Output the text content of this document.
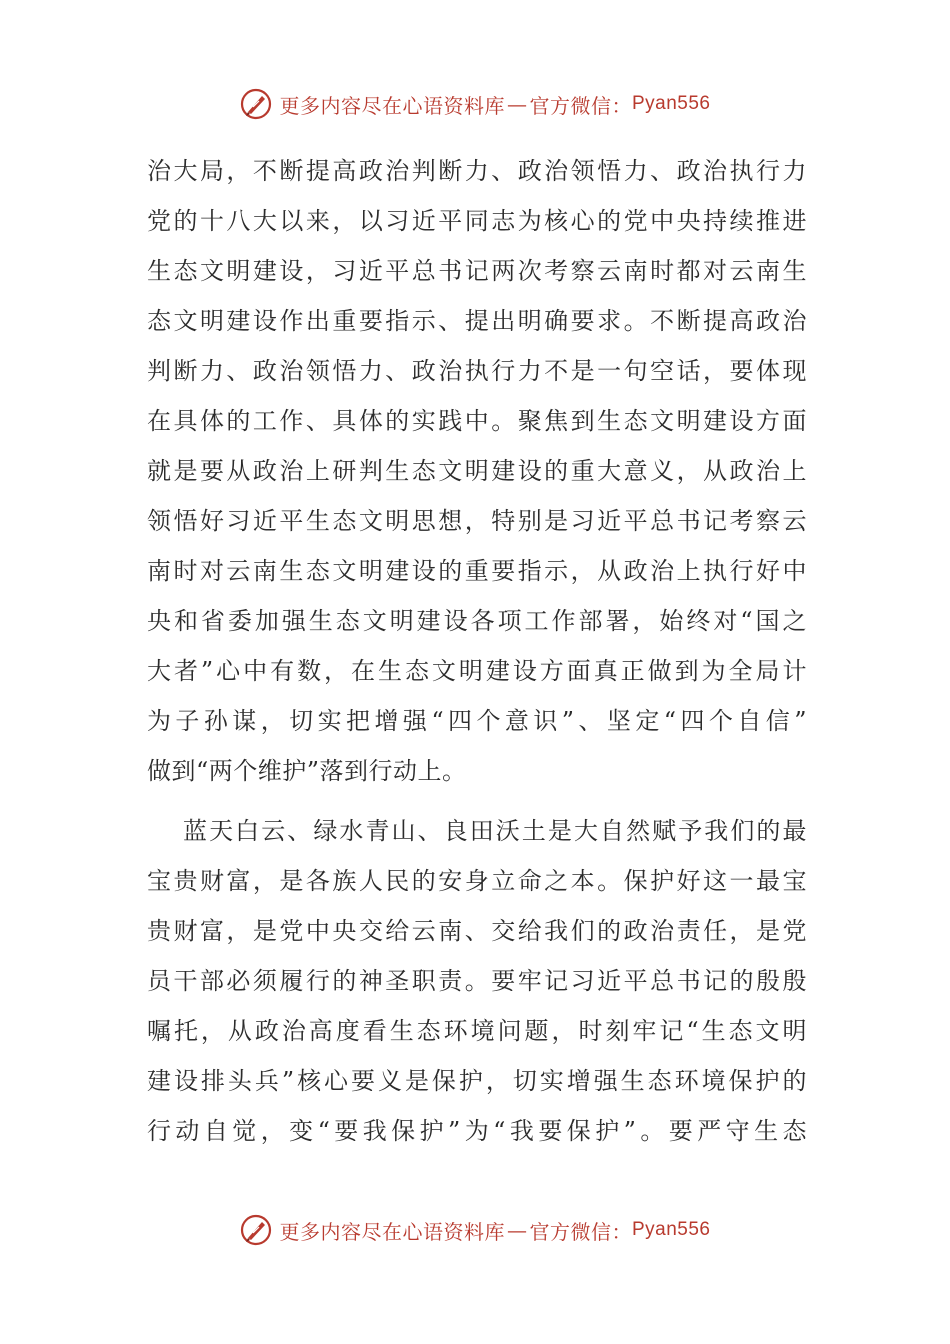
更多内容尽在心语资料库 — 官方微信： Pyan556
治大局，不断提高政治判断力、政治领悟力、政治执行力
党的十八大以来，以习近平同志为核心的党中央持续推进
生态文明建设，习近平总书记两次考察云南时都对云南生
态文明建设作出重要指示、提出明确要求。不断提高政治
判断力、政治领悟力、政治执行力不是一句空话，要体现
在具体的工作、具体的实践中。聚焦到生态文明建设方面
就是要从政治上研判生态文明建设的重大意义，从政治上
领悟好习近平生态文明思想，特别是习近平总书记考察云
南时对云南生态文明建设的重要指示，从政治上执行好中
央和省委加强生态文明建设各项工作部署，始终对“国之
大者”心中有数，在生态文明建设方面真正做到为全局计
为子孙谋，切实把增强“四个意识”、坚定“四个自信”
做到“两个维护”落到行动上。
蓝天白云、绿水青山、良田沃土是大自然赋予我们的最
宝贵财富，是各族人民的安身立命之本。保护好这一最宝
贵财富，是党中央交给云南、交给我们的政治责任，是党
员干部必须履行的神圣职责。要牢记习近平总书记的殷殷
嘱托，从政治高度看生态环境问题，时刻牢记“生态文明
建设排头兵”核心要义是保护，切实增强生态环境保护的
行动自觉，变“要我保护”为“我要保护”。要严守生态
更多内容尽在心语资料库 — 官方微信： Pyan556
